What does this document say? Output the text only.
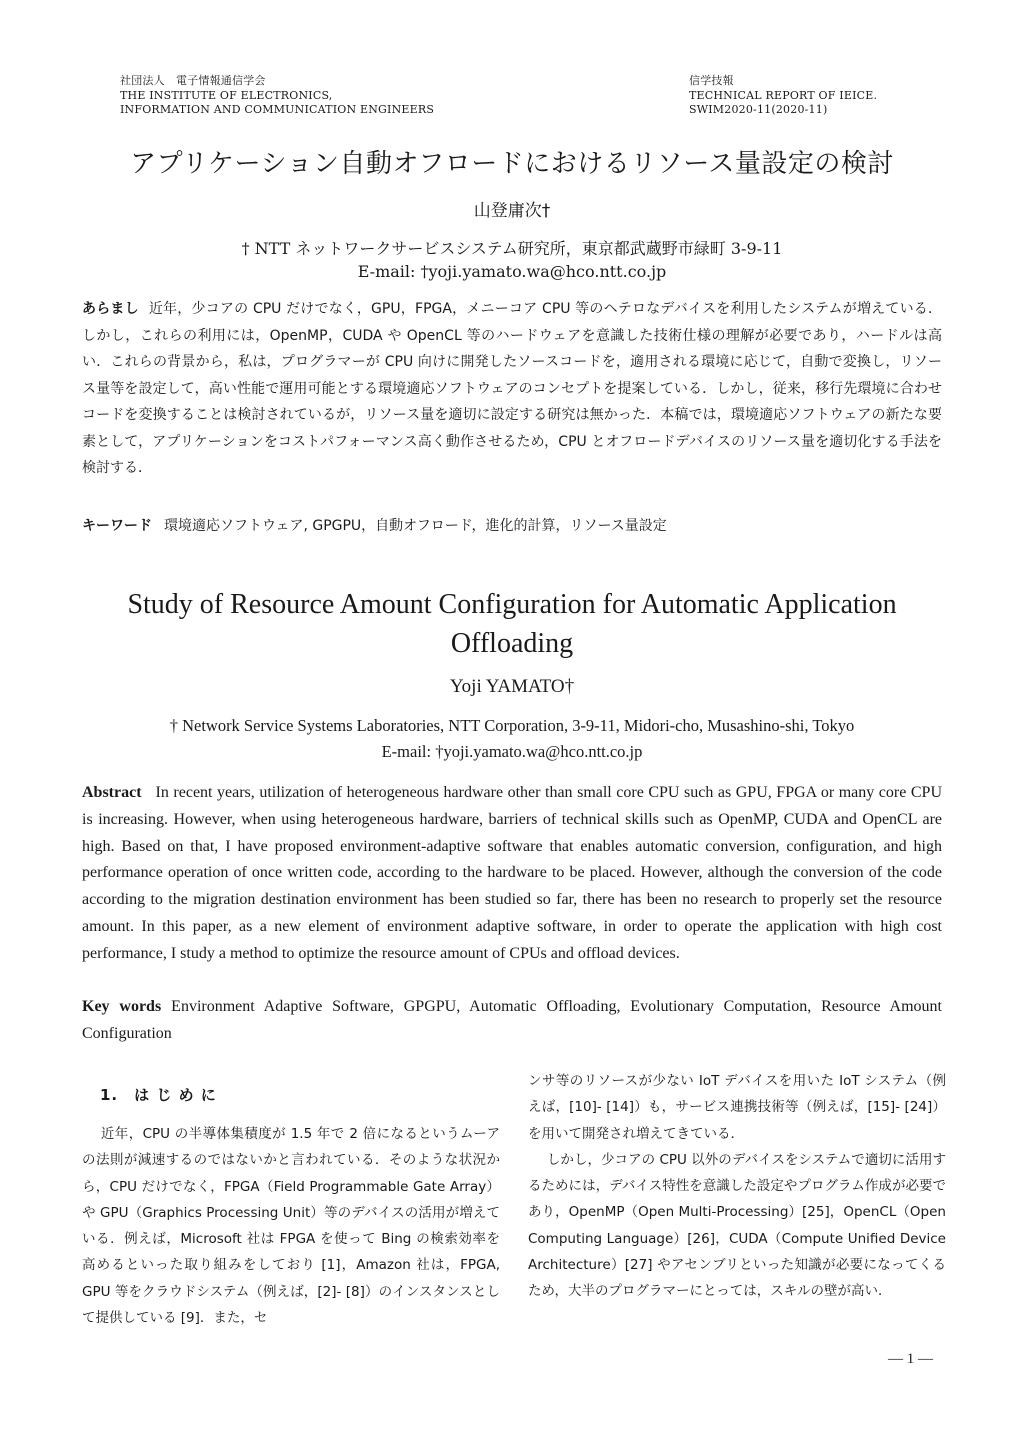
社団法人　電子情報通信学会
THE INSTITUTE OF ELECTRONICS,
INFORMATION AND COMMUNICATION ENGINEERS
信学技報
TECHNICAL REPORT OF IEICE.
SWIM2020-11(2020-11)
アプリケーション自動オフロードにおけるリソース量設定の検討
山登庸次†
† NTT ネットワークサービスシステム研究所，東京都武蔵野市緑町 3-9-11
E-mail: †yoji.yamato.wa@hco.ntt.co.jp
あらまし 近年，少コアの CPU だけでなく，GPU，FPGA，メニーコア CPU 等のヘテロなデバイスを利用したシステムが増えている．しかし，これらの利用には，OpenMP，CUDA や OpenCL 等のハードウェアを意識した技術仕様の理解が必要であり，ハードルは高い．これらの背景から，私は，プログラマーが CPU 向けに開発したソースコードを，適用される環境に応じて，自動で変換し，リソース量等を設定して，高い性能で運用可能とする環境適応ソフトウェアのコンセプトを提案している．しかし，従来，移行先環境に合わせコードを変換することは検討されているが，リソース量を適切に設定する研究は無かった．本稿では，環境適応ソフトウェアの新たな要素として，アプリケーションをコストパフォーマンス高く動作させるため，CPU とオフロードデバイスのリソース量を適切化する手法を検討する．
キーワード 環境適応ソフトウェア, GPGPU，自動オフロード，進化的計算，リソース量設定
Study of Resource Amount Configuration for Automatic Application Offloading
Yoji YAMATO†
† Network Service Systems Laboratories, NTT Corporation, 3-9-11, Midori-cho, Musashino-shi, Tokyo
E-mail: †yoji.yamato.wa@hco.ntt.co.jp
Abstract In recent years, utilization of heterogeneous hardware other than small core CPU such as GPU, FPGA or many core CPU is increasing. However, when using heterogeneous hardware, barriers of technical skills such as OpenMP, CUDA and OpenCL are high. Based on that, I have proposed environment-adaptive software that enables automatic conversion, configuration, and high performance operation of once written code, according to the hardware to be placed. However, although the conversion of the code according to the migration destination environment has been studied so far, there has been no research to properly set the resource amount. In this paper, as a new element of environment adaptive software, in order to operate the application with high cost performance, I study a method to optimize the resource amount of CPUs and offload devices.
Key words Environment Adaptive Software, GPGPU, Automatic Offloading, Evolutionary Computation, Resource Amount Configuration
1. は じ め に

近年，CPU の半導体集積度が 1.5 年で 2 倍になるというムーアの法則が減速するのではないかと言われている．そのような状況から，CPU だけでなく，FPGA（Field Programmable Gate Array）や GPU（Graphics Processing Unit）等のデバイスの活用が増えている．例えば，Microsoft 社は FPGA を使って Bing の検索効率を高めるといった取り組みをしており [1]，Amazon 社は，FPGA, GPU 等をクラウドシステム（例えば，[2]- [8]）のインスタンスとして提供している [9]．また，セ

ンサ等のリソースが少ない IoT デバイスを用いた IoT システム（例えば，[10]- [14]）も，サービス連携技術等（例えば，[15]- [24]）を用いて開発され増えてきている．

しかし，少コアの CPU 以外のデバイスをシステムで適切に活用するためには，デバイス特性を意識した設定やプログラム作成が必要であり，OpenMP（Open Multi-Processing）[25]，OpenCL（Open Computing Language）[26]，CUDA（Compute Unified Device Architecture）[27] やアセンブリといった知識が必要になってくるため，大半のプログラマーにとっては，スキルの壁が高い．

— 1 —
